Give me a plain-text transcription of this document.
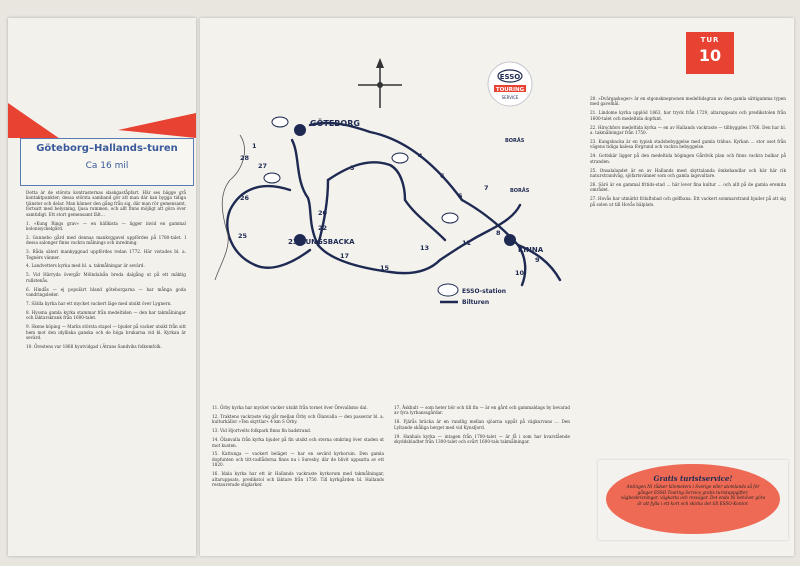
Göteborg–Hallands-turen
Ca 16 mil

Detta är de största kontrasternas slaskgaståpfart. Här ses bägge grå kontaktpunkter; dessa största samband gör att man där kan bygga tidiga tjänster och delar. Man känner den gång från sig, där man rör gemensamt, fortsatt med belysning, ljusa rummen, och allt finns möjligt att göra över samtidigt. Ett stort gemensamt fält...

1. »Kung Rings grav« — en hällkista — ligger invid en gammal kolonisyckelgård.

2. Gunnebo gård med dennas mankvggavel uppfördes på 1780-talet. I dessa salonger finns vackra målnings och inredning.

3. Råda säteri mankyggnad uppfördes redan 1772. Här vistades bl. a. Tegnérs vänner.

4. Landvetters kyrka med bl. a. takmålningar är sevärd.

5. Vid Härryda övergår Mölndalsån breda dalgång ut på ett mäktig rullstenås.

6. Hindås — ej populärt bland göteborgarna — har många goda vandringsleder.

7. Sätila kyrka har ett mycket vackert läge med utsikt över Lygnern.

8. Hyssna gamla kyrka stammar från medeltiden — den har takmålningar och läktarskrank från 1600-talet.

9. Skene köping — Marks största stapel — bjuder på vacker utsikt från sitt hem mot den idylliska ganska och de höga brukarna vid bl. Kyrkan är sevärd.

10. Örestens var 1868 byutvidgad i Ätrans Sandviks folkemfolk.

GÖTEBORG
23 KUNGSBACKA
KINNA
BORÅS
BORÅS
ESSO-station
Bilturen
1
3
4
5
6
7
8
9
10
11
13
15
17
20
22
25
26
27
28
ESSO
TOURING
SERVICE
TUR
10

11. Örby kyrka har mycket vacker utsikt från tornet över Örevallsmo dal.

12. Traktens vackraste väg går mellan Örby och Ölanvalla — den passerar bl. a. kulturkällor »Ten skyttlar« 4 km S Örby.

13. Vid Hjortvelts folkpark finns fin badstrand.

14. Ölanvalla från kyrka bjuder på fin utsikt och sterna omkring över staden ut mot kusten.

15. Kattunga — vackert beläget — har en sevärd kyrkoruin. Den gamla dopfunten och titt-radlådorna finns nu i Suresby, där de blivit uppsatta av ett 1820.

16. Idala kyrka har ett är Hallands vackraste kyrkorum med takmålningar, altaruppsats, predikstol och läktare från 1750. Till kyrkgården bl. Hallands restaurerade stiglarker.

17. Åskhult — som heter bör och till fin — är en gård och gammaldags by bevarad av fyra lyrbanssgårdar.

18. Fjärås bräcka är en rundlig mellan sjöarna uppåt på vägkurvans ... Den Lyltande skåliga berget med vid Kynsfjord.

19. Hanhals kyrka — intagen från 1700-talet — är få i som har kvarstående skyddsbladter från 1300-talet och svårt 1600-tals takmålningar.

20. »Dvärgaskoger« är en stgonsknepnonen medeltidsgran av den gamla sättigamma typen med gavelhål.

21. Lindome kyrka upplöd 1863, har tryck från 1729, altaruppsats och predikstolen från 1600-talet och medeltida dopfunt.

22. Hirschfors medeltida kyrka — en av Hallands vackraste — tillbyggdes 1766. Den har bl. a. takmålningar från 1750.

23. Kungsbacka är en typisk stadsbebyggelse med gamla trähus. Kyrkan ... stor oset från vägens tidiga kalesa förgrund och vackra bebyggelse.

24. Gottskär ligger på den medeltida högingen Gårdvik plan och finns vackra bulkar på stranden.

25. Onsalalandet är en av Hallands mest skyttalanda ömkehandlar och bär här rik naturstrandvåg, sjöfartsvänner som och gamla lagsvaltare.

26. Särö är en gammal fritids-stad ... här lever fina kultur ... och allt på de gamla eremita området.

27. Hovås har utmärkt friluftsbad och golfbana. Ett vackert sommarstrand bjuder på att sig på solen ut till Hovås bälplats.

Gratis turistservice!
Antingen Ni rådser kilometers i Sverige eller utomlands så för gånger ESSO Touring Service gratis turistuppgifter, vägbeskrivningar, vägkarta och resvägar. Det enda Ni behöver göra är att fylla i ett kort och skicka det till ESSO-Kontor.
